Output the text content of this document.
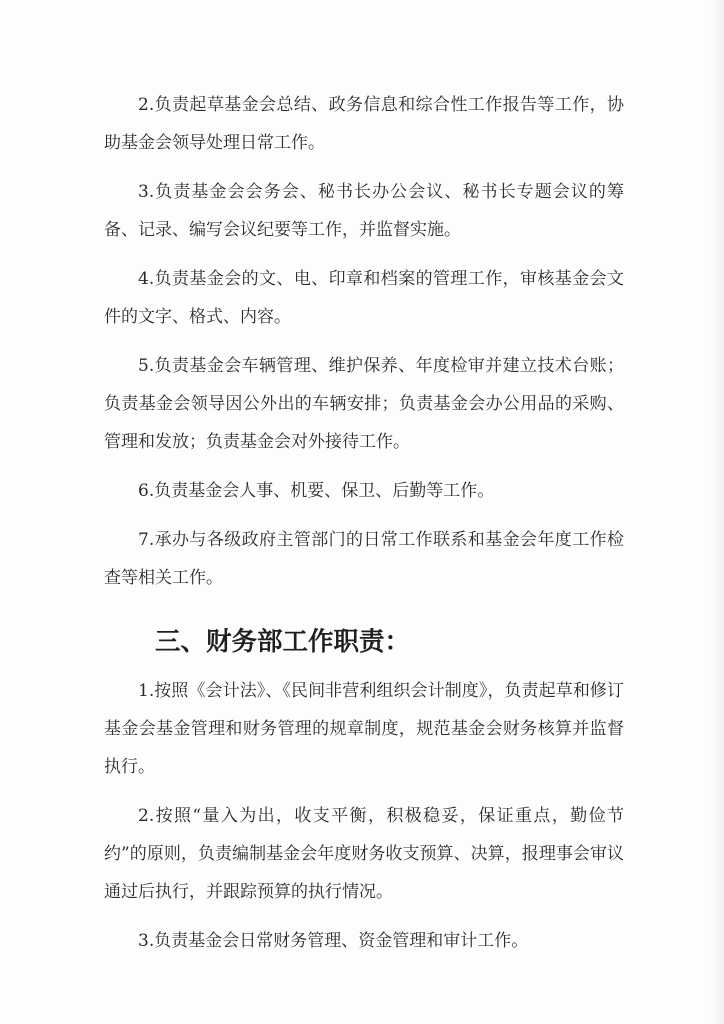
2.负责起草基金会总结、政务信息和综合性工作报告等工作，协助基金会领导处理日常工作。

3.负责基金会会务会、秘书长办公会议、秘书长专题会议的筹备、记录、编写会议纪要等工作，并监督实施。

4.负责基金会的文、电、印章和档案的管理工作，审核基金会文件的文字、格式、内容。

5.负责基金会车辆管理、维护保养、年度检审并建立技术台账；负责基金会领导因公外出的车辆安排；负责基金会办公用品的采购、管理和发放；负责基金会对外接待工作。

6.负责基金会人事、机要、保卫、后勤等工作。

7.承办与各级政府主管部门的日常工作联系和基金会年度工作检查等相关工作。

三、财务部工作职责：

1.按照《会计法》、《民间非营利组织会计制度》，负责起草和修订基金会基金管理和财务管理的规章制度，规范基金会财务核算并监督执行。

2.按照“量入为出，收支平衡，积极稳妥，保证重点，勤俭节约”的原则，负责编制基金会年度财务收支预算、决算，报理事会审议通过后执行，并跟踪预算的执行情况。

3.负责基金会日常财务管理、资金管理和审计工作。
